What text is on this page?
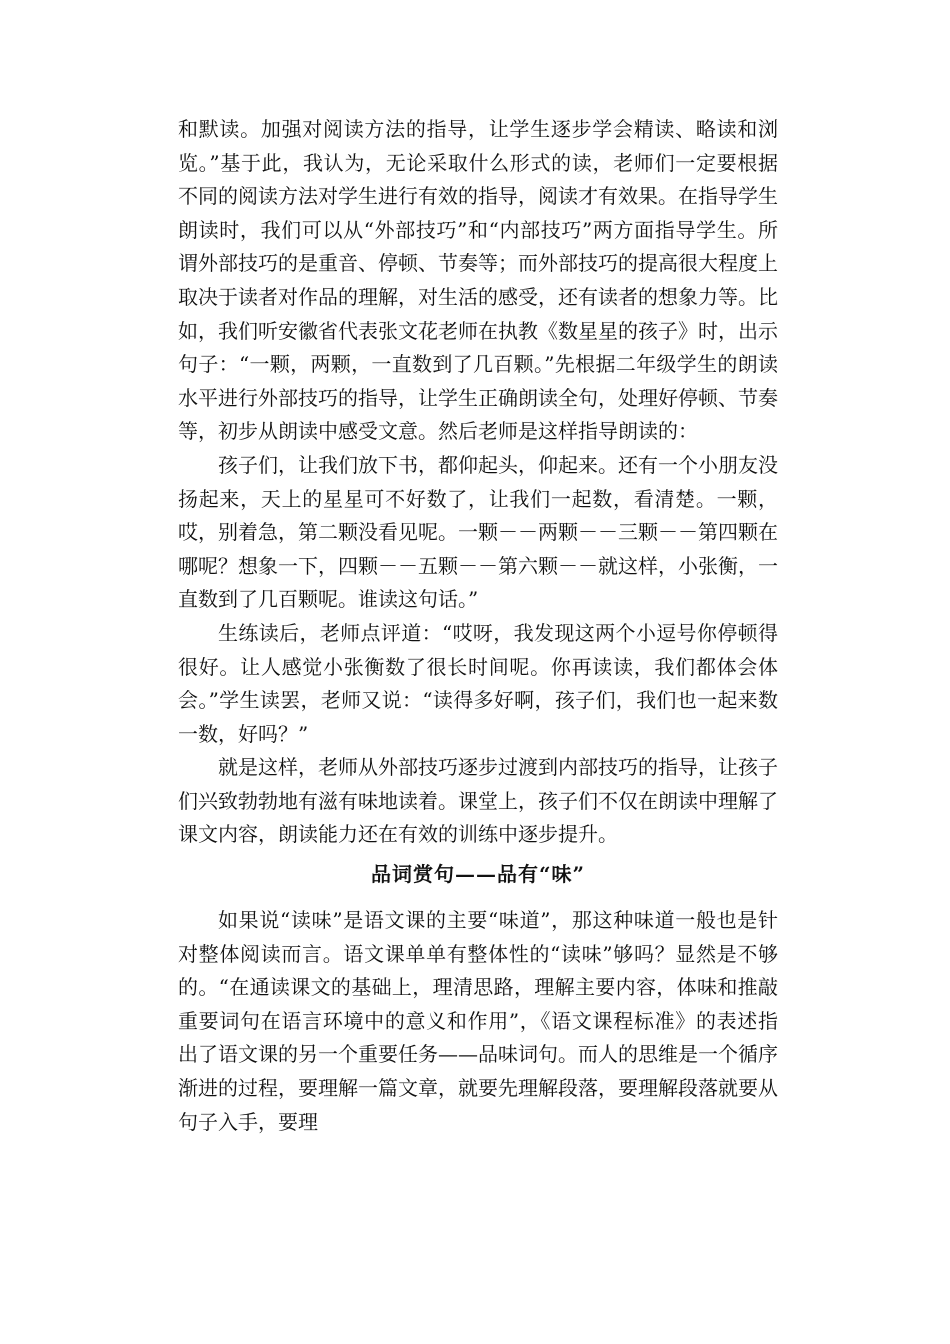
和默读。加强对阅读方法的指导，让学生逐步学会精读、略读和浏览。”基于此，我认为，无论采取什么形式的读，老师们一定要根据不同的阅读方法对学生进行有效的指导，阅读才有效果。在指导学生朗读时，我们可以从“外部技巧”和“内部技巧”两方面指导学生。所谓外部技巧的是重音、停顿、节奏等；而外部技巧的提高很大程度上取决于读者对作品的理解，对生活的感受，还有读者的想象力等。比如，我们听安徽省代表张文花老师在执教《数星星的孩子》时，出示句子：“一颗，两颗，一直数到了几百颗。”先根据二年级学生的朗读水平进行外部技巧的指导，让学生正确朗读全句，处理好停顿、节奏等，初步从朗读中感受文意。然后老师是这样指导朗读的：

孩子们，让我们放下书，都仰起头，仰起来。还有一个小朋友没扬起来，天上的星星可不好数了，让我们一起数，看清楚。一颗，哎，别着急，第二颗没看见呢。一颗－－两颗－－三颗－－第四颗在哪呢？想象一下，四颗－－五颗－－第六颗－－就这样，小张衡，一直数到了几百颗呢。谁读这句话。”

生练读后，老师点评道：“哎呀，我发现这两个小逗号你停顿得很好。让人感觉小张衡数了很长时间呢。你再读读，我们都体会体会。”学生读罢，老师又说：“读得多好啊，孩子们，我们也一起来数一数，好吗？”

就是这样，老师从外部技巧逐步过渡到内部技巧的指导，让孩子们兴致勃勃地有滋有味地读着。课堂上，孩子们不仅在朗读中理解了课文内容，朗读能力还在有效的训练中逐步提升。

品词赏句——品有“味”

如果说“读味”是语文课的主要“味道”，那这种味道一般也是针对整体阅读而言。语文课单单有整体性的“读味”够吗？显然是不够的。“在通读课文的基础上，理清思路，理解主要内容，体味和推敲重要词句在语言环境中的意义和作用”，《语文课程标准》的表述指出了语文课的另一个重要任务——品味词句。而人的思维是一个循序渐进的过程，要理解一篇文章，就要先理解段落，要理解段落就要从句子入手，要理
